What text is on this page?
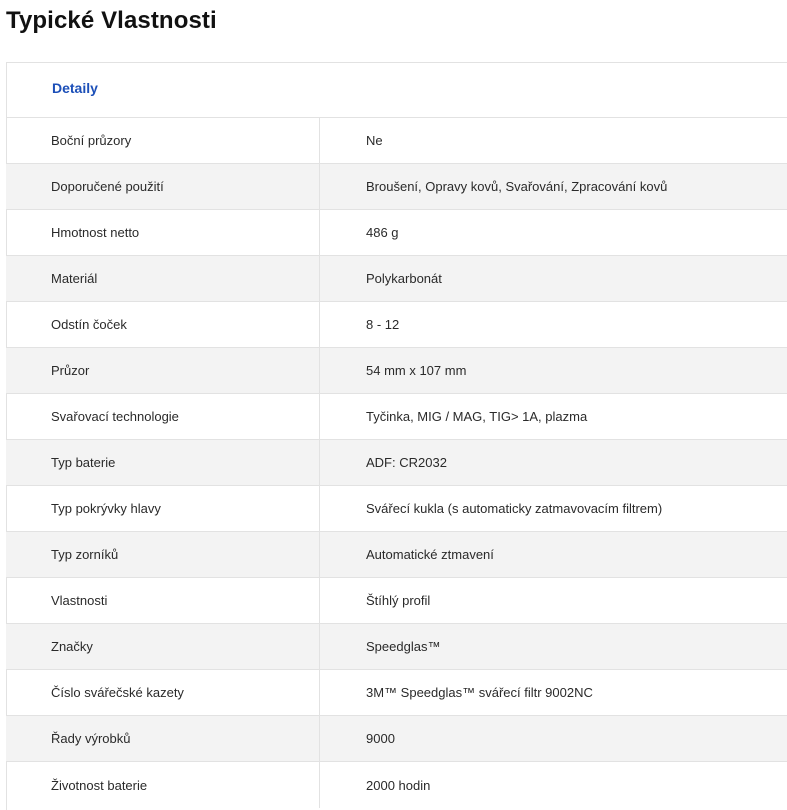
Typické Vlastnosti
Detaily
Boční průzory	Ne
Doporučené použití	Broušení, Opravy kovů, Svařování, Zpracování kovů
Hmotnost netto	486 g
Materiál	Polykarbonát
Odstín čoček	8 - 12
Průzor	54 mm x 107 mm
Svařovací technologie	Tyčinka, MIG / MAG, TIG> 1A, plazma
Typ baterie	ADF: CR2032
Typ pokrývky hlavy	Svářecí kukla (s automaticky zatmavovacím filtrem)
Typ zorníků	Automatické ztmavení
Vlastnosti	Štíhlý profil
Značky	Speedglas™
Číslo svářečské kazety	3M™ Speedglas™ svářecí filtr 9002NC
Řady výrobků	9000
Životnost baterie	2000 hodin
